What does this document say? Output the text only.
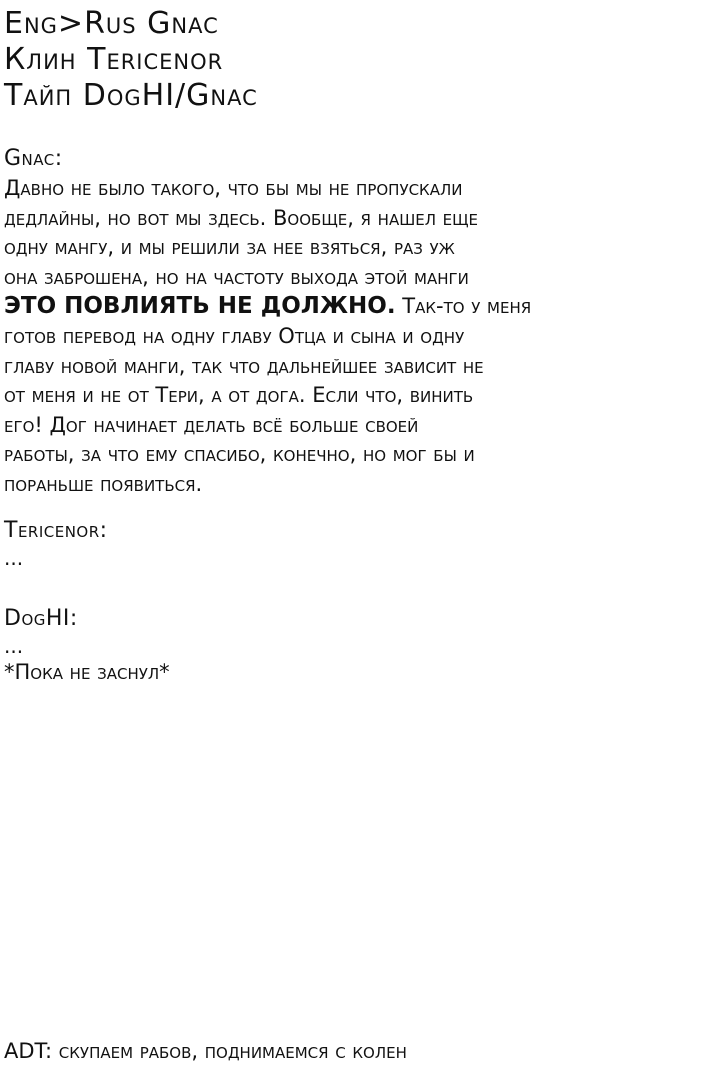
Eng>Rus Gnac
Клин Tericenor
Тайп DogHI/Gnac
Gnac:
Давно не было такого, что бы мы не пропускали
дедлайны, но вот мы здесь. Вообще, я нашел еще
одну мангу, и мы решили за нее взяться, раз уж
она заброшена, но на частоту выхода этой манги
ЭТО ПОВЛИЯТЬ НЕ ДОЛЖНО. Так-то у меня
готов перевод на одну главу Отца и сына и одну
главу новой манги, так что дальнейшее зависит не
от меня и не от Тери, а от дога. Если что, винить
его! Дог начинает делать всё больше своей
работы, за что ему спасибо, конечно, но мог бы и
пораньше появиться.
Tericenor:
...
DogHI:
...
*Пока не заснул*
ADT: скупаем рабов, поднимаемся с колен
